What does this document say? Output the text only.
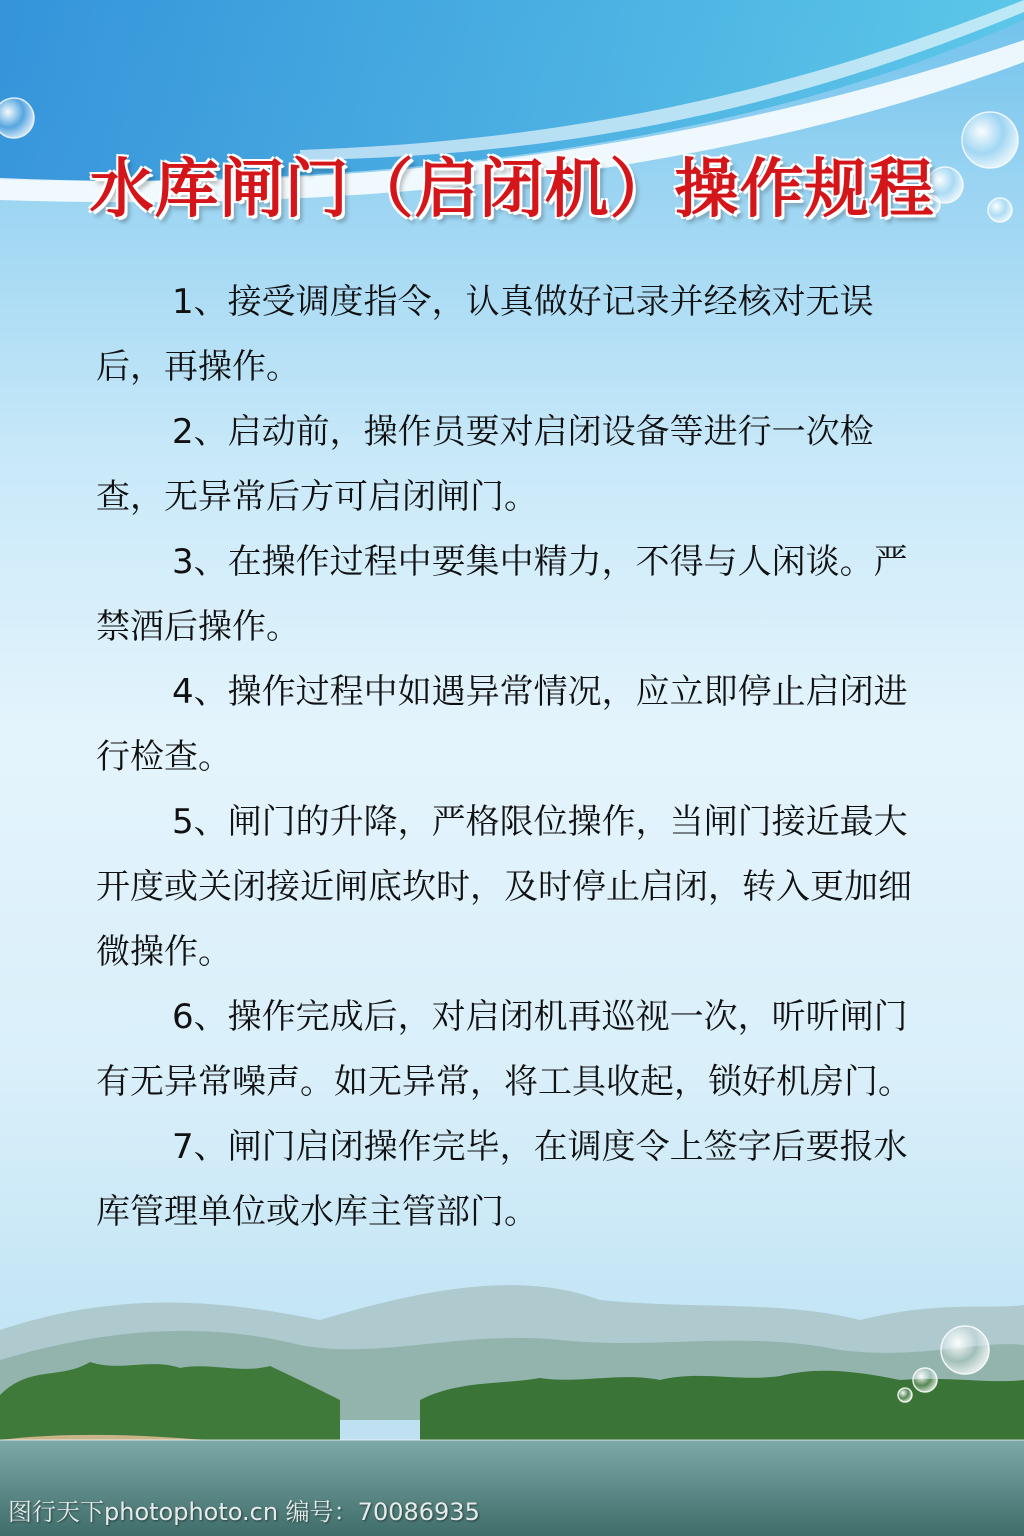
水库闸门（启闭机）操作规程

1、接受调度指令，认真做好记录并经核对无误后，再操作。

2、启动前，操作员要对启闭设备等进行一次检查，无异常后方可启闭闸门。

3、在操作过程中要集中精力，不得与人闲谈。严禁酒后操作。

4、操作过程中如遇异常情况，应立即停止启闭进行检查。

5、闸门的升降，严格限位操作，当闸门接近最大开度或关闭接近闸底坎时，及时停止启闭，转入更加细微操作。

6、操作完成后，对启闭机再巡视一次，听听闸门有无异常噪声。如无异常，将工具收起，锁好机房门。

7、闸门启闭操作完毕，在调度令上签字后要报水库管理单位或水库主管部门。

图行天下photophoto.cn 编号：70086935
